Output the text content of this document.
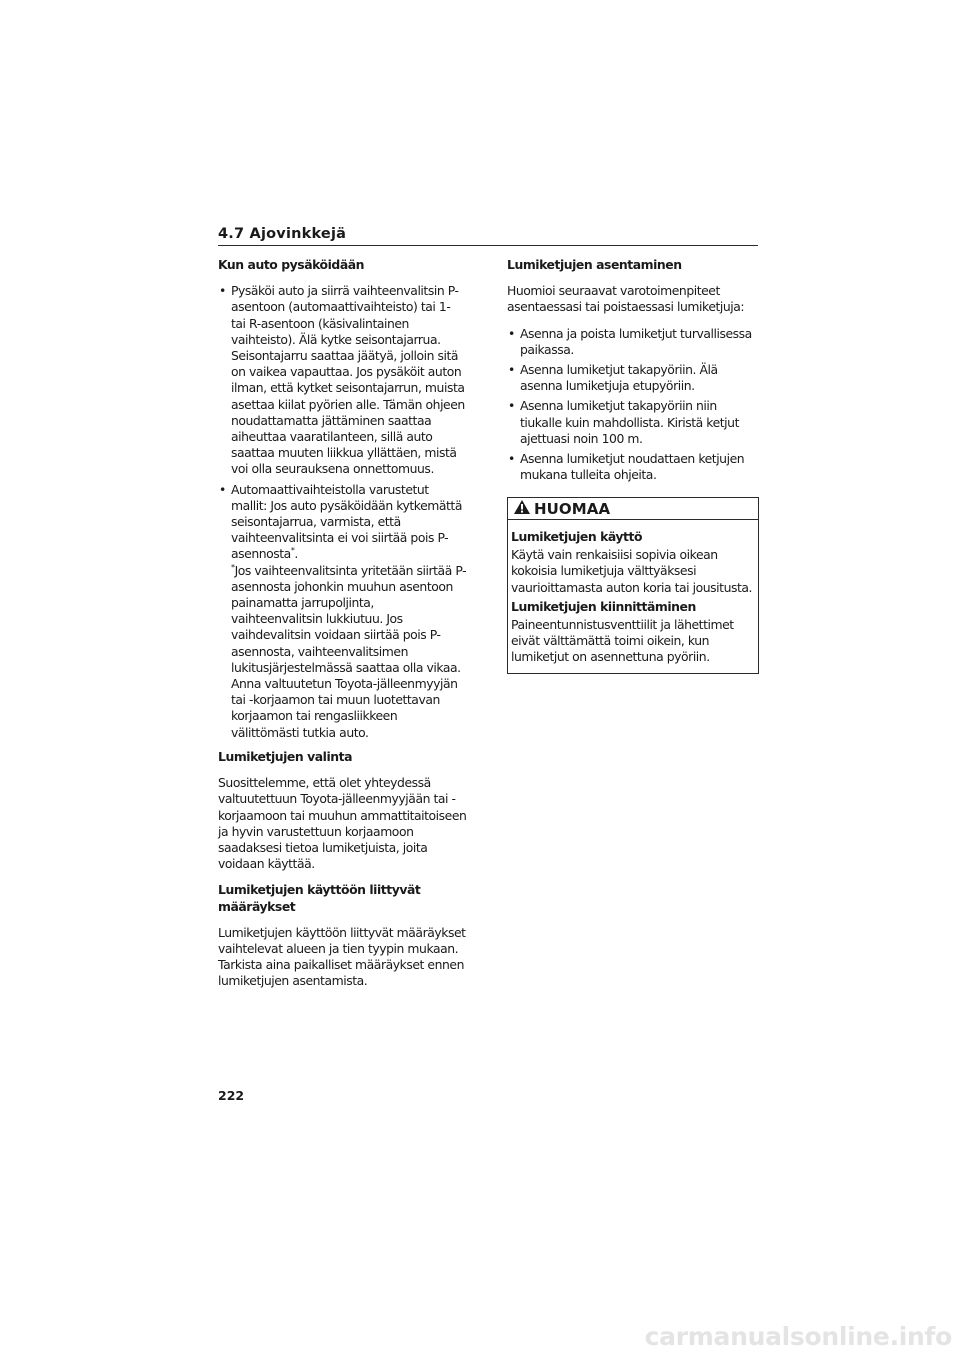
4.7 Ajovinkkejä
Kun auto pysäköidään
• Pysäköi auto ja siirrä vaihteenvalitsin P-asentoon (automaattivaihteisto) tai 1- tai R-asentoon (käsivalintainen vaihteisto). Älä kytke seisontajarrua. Seisontajarru saattaa jäätyä, jolloin sitä on vaikea vapauttaa. Jos pysäköit auton ilman, että kytket seisontajarrun, muista asettaa kiilat pyörien alle. Tämän ohjeen noudattamatta jättäminen saattaa aiheuttaa vaaratilanteen, sillä auto saattaa muuten liikkua yllättäen, mistä voi olla seurauksena onnettomuus.
• Automaattivaihteistolla varustetut mallit: Jos auto pysäköidään kytkemättä seisontajarrua, varmista, että vaihteenvalitsinta ei voi siirtää pois P-asennosta*.
*Jos vaihteenvalitsinta yritetään siirtää P-asennosta johonkin muuhun asentoon painamatta jarrupoljinta, vaihteenvalitsin lukkiutuu. Jos vaihdevalitsin voidaan siirtää pois P-asennosta, vaihteenvalitsimen lukitusjärjestelmässä saattaa olla vikaa. Anna valtuutetun Toyota-jälleenmyyjän tai -korjaamon tai muun luotettavan korjaamon tai rengasliikkeen välittömästi tutkia auto.
Lumiketjujen valinta
Suosittelemme, että olet yhteydessä valtuutettuun Toyota-jälleenmyyjään tai -korjaamoon tai muuhun ammattitaitoiseen ja hyvin varustettuun korjaamoon saadaksesi tietoa lumiketjuista, joita voidaan käyttää.
Lumiketjujen käyttöön liittyvät määräykset
Lumiketjujen käyttöön liittyvät määräykset vaihtelevat alueen ja tien tyypin mukaan. Tarkista aina paikalliset määräykset ennen lumiketjujen asentamista.
Lumiketjujen asentaminen
Huomioi seuraavat varotoimenpiteet asentaessasi tai poistaessasi lumiketjuja:
• Asenna ja poista lumiketjut turvallisessa paikassa.
• Asenna lumiketjut takapyöriin. Älä asenna lumiketjuja etupyöriin.
• Asenna lumiketjut takapyöriin niin tiukalle kuin mahdollista. Kiristä ketjut ajettuasi noin 100 m.
• Asenna lumiketjut noudattaen ketjujen mukana tulleita ohjeita.
HUOMAA
Lumiketjujen käyttö
Käytä vain renkaisiisi sopivia oikean kokoisia lumiketjuja välttyäksesi vaurioittamasta auton koria tai jousitusta.
Lumiketjujen kiinnittäminen
Paineentunnistusventtiilit ja lähettimet eivät välttämättä toimi oikein, kun lumiketjut on asennettuna pyöriin.
222
carmanualsonline.info
